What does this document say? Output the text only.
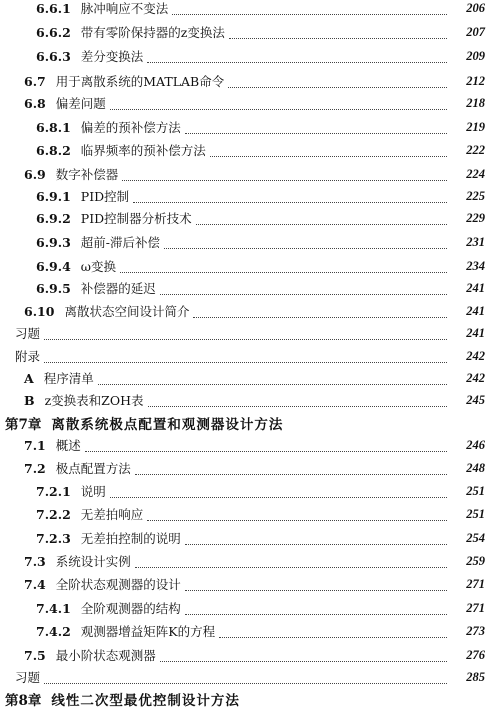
6.6.1 脉冲响应不变法	206
6.6.2 带有零阶保持器的z变换法	207
6.6.3 差分变换法	209
6.7 用于离散系统的MATLAB命令	212
6.8 偏差问题	218
6.8.1 偏差的预补偿方法	219
6.8.2 临界频率的预补偿方法	222
6.9 数字补偿器	224
6.9.1 PID控制	225
6.9.2 PID控制器分析技术	229
6.9.3 超前-滞后补偿	231
6.9.4 ω变换	234
6.9.5 补偿器的延迟	241
6.10 离散状态空间设计简介	241
习题	241
附录	242
A 程序清单	242
B z变换表和ZOH表	245
第7章 离散系统极点配置和观测器设计方法
7.1 概述	246
7.2 极点配置方法	248
7.2.1 说明	251
7.2.2 无差拍响应	251
7.2.3 无差拍控制的说明	254
7.3 系统设计实例	259
7.4 全阶状态观测器的设计	271
7.4.1 全阶观测器的结构	271
7.4.2 观测器增益矩阵K的方程	273
7.5 最小阶状态观测器	276
习题	285
第8章 线性二次型最优控制设计方法
